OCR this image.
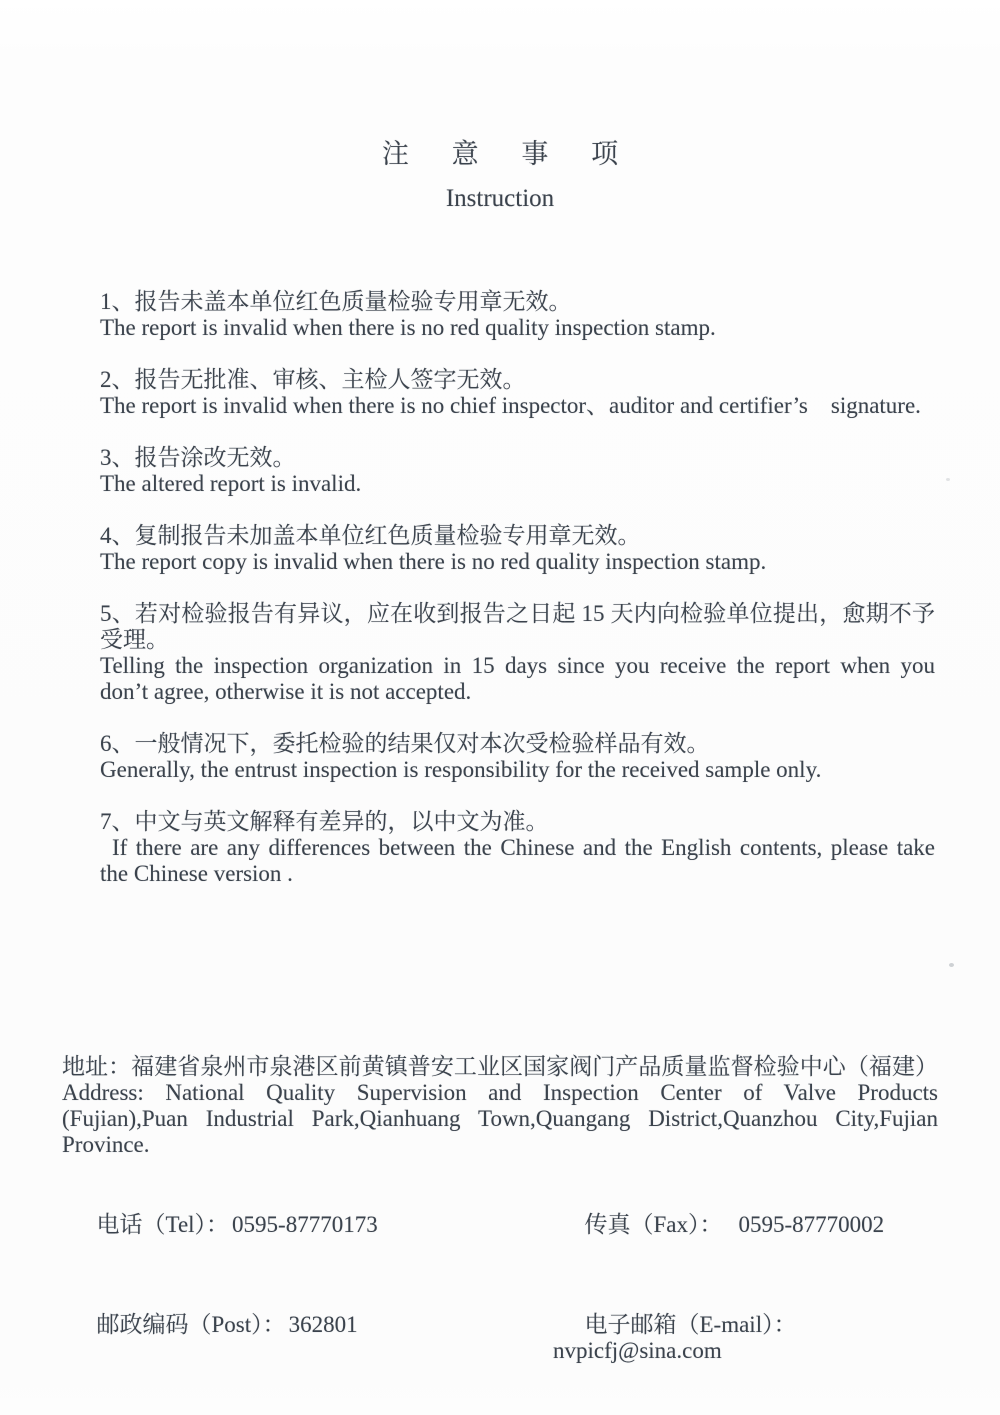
注 意 事 项
Instruction
1、报告未盖本单位红色质量检验专用章无效。
The report is invalid when there is no red quality inspection stamp.
2、报告无批准、审核、主检人签字无效。
The report is invalid when there is no chief inspector、auditor and certifier’s    signature.
3、报告涂改无效。
The altered report is invalid.
4、复制报告未加盖本单位红色质量检验专用章无效。
The report copy is invalid when there is no red quality inspection stamp.
5、若对检验报告有异议，应在收到报告之日起 15 天内向检验单位提出，愈期不予
受理。
Telling the inspection organization in 15 days since you receive the report when you
don’t agree, otherwise it is not accepted.
6、一般情况下，委托检验的结果仅对本次受检验样品有效。
Generally, the entrust inspection is responsibility for the received sample only.
7、中文与英文解释有差异的，以中文为准。
If there are any differences between the Chinese and the English contents, please take
the Chinese version .
地址：福建省泉州市泉港区前黄镇普安工业区国家阀门产品质量监督检验中心（福建）
Address: National Quality Supervision and Inspection Center of Valve Products
(Fujian),Puan Industrial Park,Qianhuang Town,Quangang District,Quanzhou City,Fujian
Province.

电话（Tel）： 0595-87770173
	传真（Fax）： 0595-87770002

邮政编码（Post）： 362801
	电子邮箱（E-mail）：nvpicfj@sina.com
